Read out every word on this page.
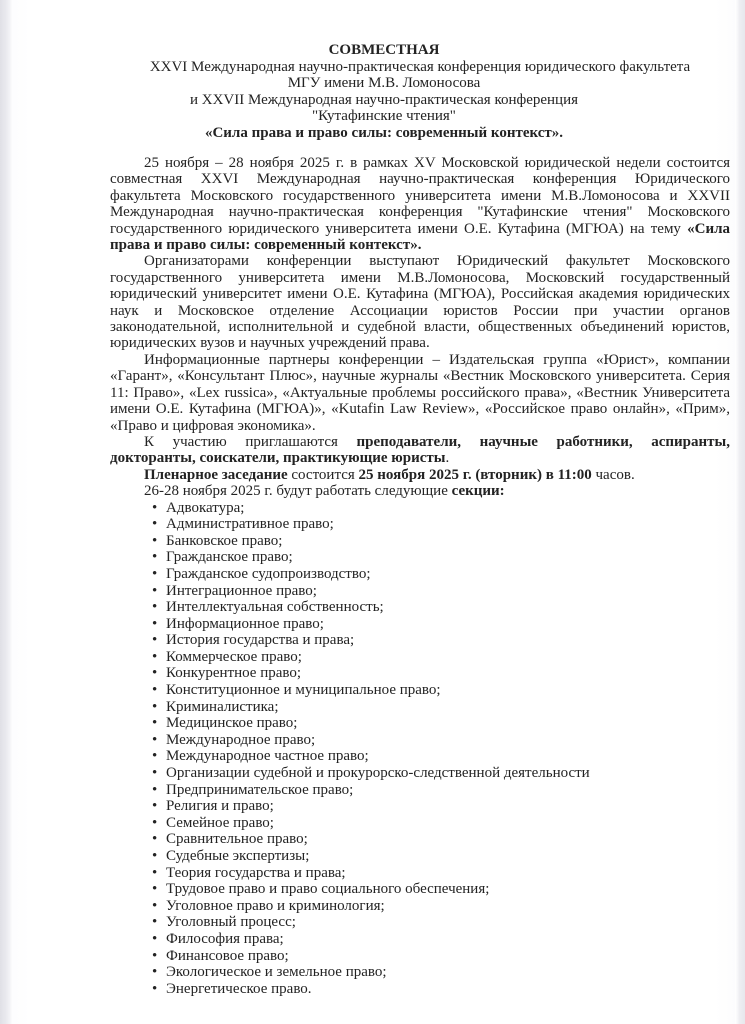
СОВМЕСТНАЯ
XXVI Международная научно-практическая конференция юридического факультета
МГУ имени М.В. Ломоносова
и XXVII Международная научно-практическая конференция
"Кутафинские чтения"
«Сила права и право силы: современный контекст».

25 ноября – 28 ноября 2025 г. в рамках XV Московской юридической недели состоится совместная XXVI Международная научно-практическая конференция Юридического факультета Московского государственного университета имени М.В.Ломоносова и XXVII Международная научно-практическая конференция "Кутафинские чтения" Московского государственного юридического университета имени О.Е. Кутафина (МГЮА) на тему «Сила права и право силы: современный контекст».

Организаторами конференции выступают Юридический факультет Московского государственного университета имени М.В.Ломоносова, Московский государственный юридический университет имени О.Е. Кутафина (МГЮА), Российская академия юридических наук и Московское отделение Ассоциации юристов России при участии органов законодательной, исполнительной и судебной власти, общественных объединений юристов, юридических вузов и научных учреждений права.

Информационные партнеры конференции – Издательская группа «Юрист», компании «Гарант», «Консультант Плюс», научные журналы «Вестник Московского университета. Серия 11: Право», «Lex russica», «Актуальные проблемы российского права», «Вестник Университета имени О.Е. Кутафина (МГЮА)», «Kutafin Law Review», «Российское право онлайн», «Прим», «Право и цифровая экономика».

К участию приглашаются преподаватели, научные работники, аспиранты, докторанты, соискатели, практикующие юристы.

Пленарное заседание состоится 25 ноября 2025 г. (вторник) в 11:00 часов.

26-28 ноября 2025 г. будут работать следующие секции:

• Адвокатура;
• Административное право;
• Банковское право;
• Гражданское право;
• Гражданское судопроизводство;
• Интеграционное право;
• Интеллектуальная собственность;
• Информационное право;
• История государства и права;
• Коммерческое право;
• Конкурентное право;
• Конституционное и муниципальное право;
• Криминалистика;
• Медицинское право;
• Международное право;
• Международное частное право;
• Организации судебной и прокурорско-следственной деятельности
• Предпринимательское право;
• Религия и право;
• Семейное право;
• Сравнительное право;
• Судебные экспертизы;
• Теория государства и права;
• Трудовое право и право социального обеспечения;
• Уголовное право и криминология;
• Уголовный процесс;
• Философия права;
• Финансовое право;
• Экологическое и земельное право;
• Энергетическое право.
